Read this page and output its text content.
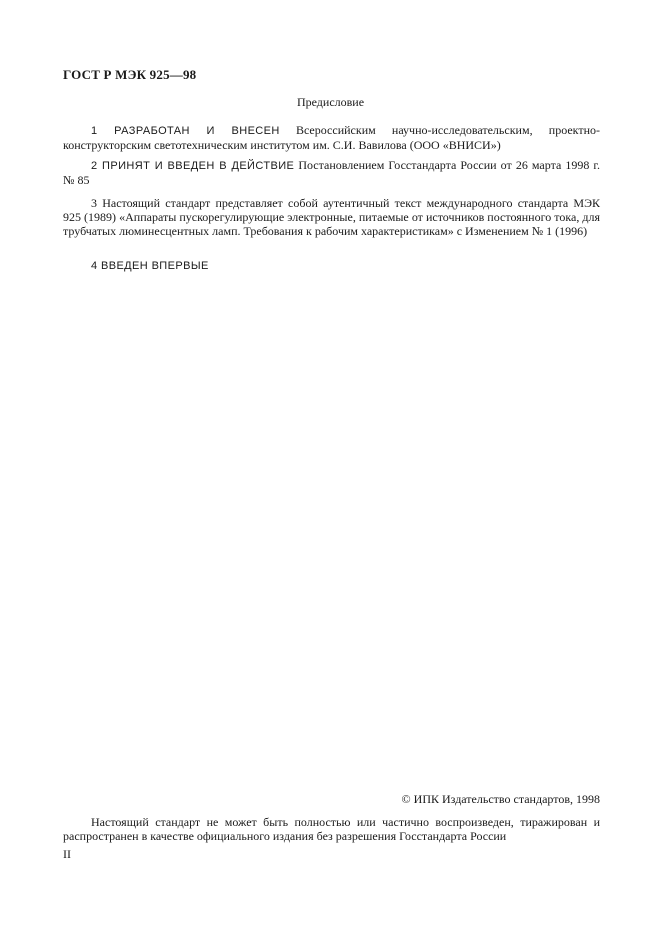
ГОСТ Р МЭК 925—98
Предисловие

1 РАЗРАБОТАН И ВНЕСЕН Всероссийским научно-исследовательским, проектно-конструкторским светотехническим институтом им. С.И. Вавилова (ООО «ВНИСИ»)

2 ПРИНЯТ И ВВЕДЕН В ДЕЙСТВИЕ Постановлением Госстандарта России от 26 марта 1998 г. № 85

3 Настоящий стандарт представляет собой аутентичный текст международного стандарта МЭК 925 (1989) «Аппараты пускорегулирующие электронные, питаемые от источников постоянного тока, для трубчатых люминесцентных ламп. Требования к рабочим характеристикам» с Изменением № 1 (1996)

4 ВВЕДЕН ВПЕРВЫЕ

© ИПК Издательство стандартов, 1998

Настоящий стандарт не может быть полностью или частично воспроизведен, тиражирован и распространен в качестве официального издания без разрешения Госстандарта России

II
